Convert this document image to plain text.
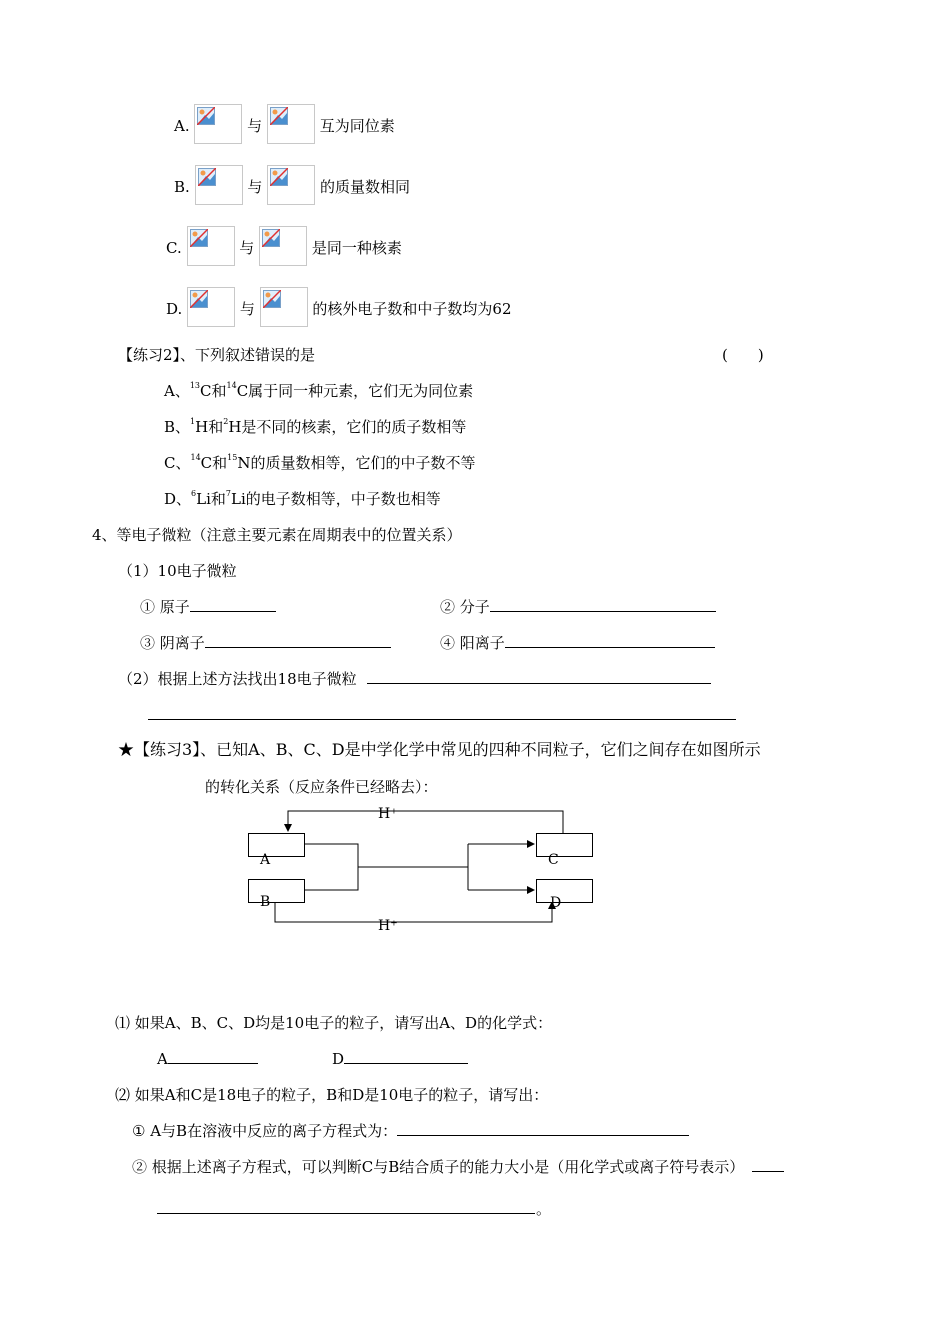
A.	与	互为同位素
B.	与	的质量数相同
C.	与	是同一种核素
D.	与	的核外电子数和中子数均为62
【练习2】、下列叙述错误的是	(　　)
A、$^{13}$C和$^{14}$C属于同一种元素，它们无为同位素
B、$^1$H和$^2$H是不同的核素，它们的质子数相等
C、$^{14}$C和$^{15}$N的质量数相等，它们的中子数不等
D、$^6$Li和$^7$Li的电子数相等，中子数也相等
4、等电子微粒（注意主要元素在周期表中的位置关系）
（1）10电子微粒
① 原子	② 分子
③ 阴离子	④ 阳离子
（2）根据上述方法找出18电子微粒
★【练习3】、已知A、B、C、D是中学化学中常见的四种不同粒子，它们之间存在如图所示
的转化关系（反应条件已经略去）：
A
B
C
D
H⁺
H⁺
⑴ 如果A、B、C、D均是10电子的粒子，请写出A、D的化学式：
A	D
⑵ 如果A和C是18电子的粒子，B和D是10电子的粒子，请写出：
① A与B在溶液中反应的离子方程式为：
② 根据上述离子方程式，可以判断C与B结合质子的能力大小是（用化学式或离子符号表示）
。
